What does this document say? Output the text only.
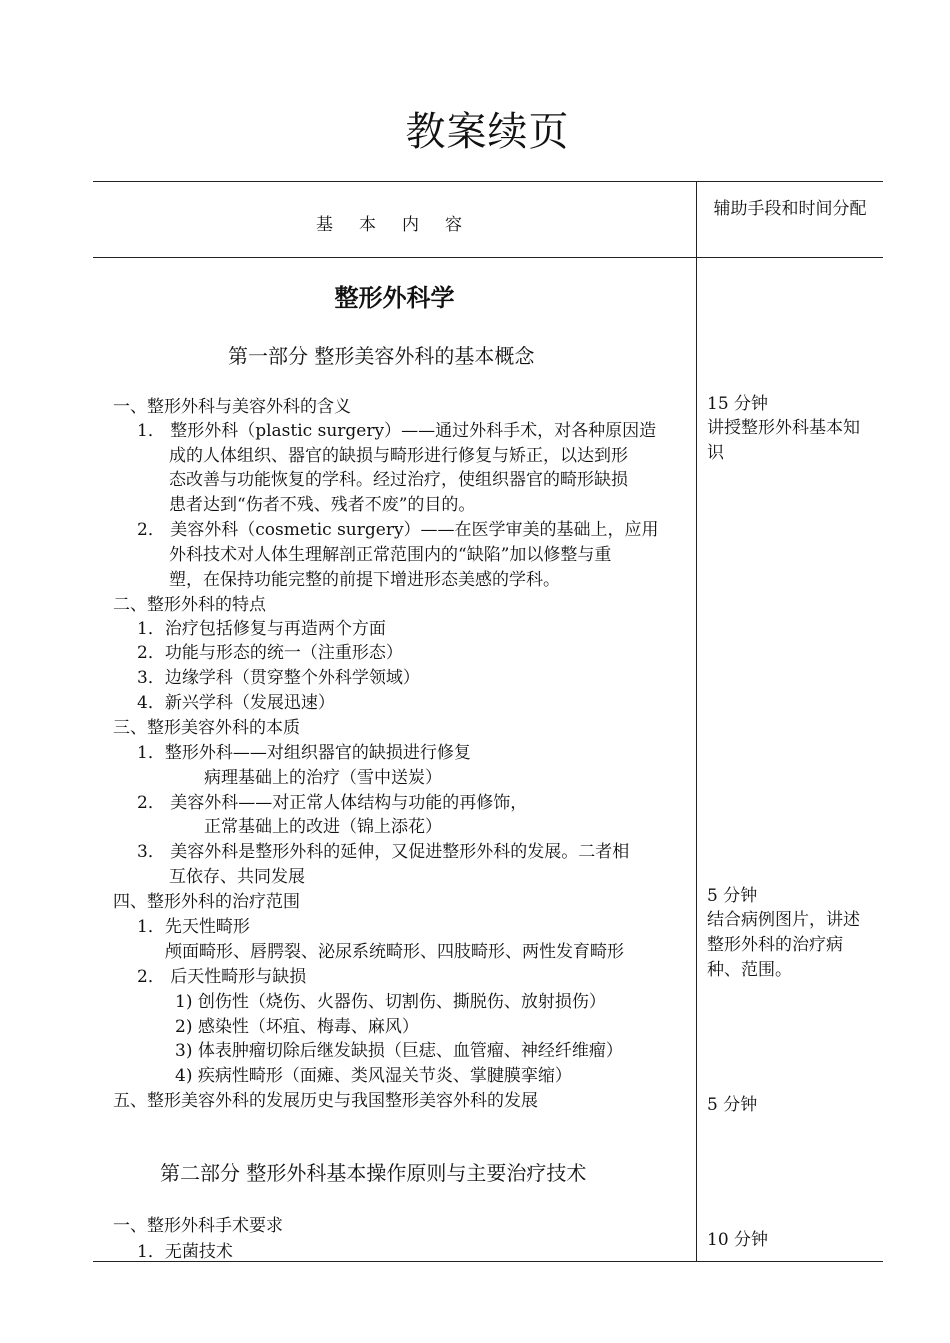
教案续页
基本内容
辅助手段和时间分配
整形外科学
第一部分 整形美容外科的基本概念
一、整形外科与美容外科的含义
1． 整形外科（plastic surgery）——通过外科手术，对各种原因造
成的人体组织、器官的缺损与畸形进行修复与矫正，以达到形
态改善与功能恢复的学科。经过治疗，使组织器官的畸形缺损
患者达到“伤者不残、残者不废”的目的。
2． 美容外科（cosmetic surgery）——在医学审美的基础上，应用
外科技术对人体生理解剖正常范围内的“缺陷”加以修整与重
塑，在保持功能完整的前提下增进形态美感的学科。
二、整形外科的特点
1．治疗包括修复与再造两个方面
2．功能与形态的统一（注重形态）
3．边缘学科（贯穿整个外科学领域）
4．新兴学科（发展迅速）
三、整形美容外科的本质
1．整形外科——对组织器官的缺损进行修复
病理基础上的治疗（雪中送炭）
2． 美容外科——对正常人体结构与功能的再修饰，
正常基础上的改进（锦上添花）
3． 美容外科是整形外科的延伸，又促进整形外科的发展。二者相
互依存、共同发展
四、整形外科的治疗范围
1．先天性畸形
颅面畸形、唇腭裂、泌尿系统畸形、四肢畸形、两性发育畸形
2． 后天性畸形与缺损
1) 创伤性（烧伤、火器伤、切割伤、撕脱伤、放射损伤）
2) 感染性（坏疽、梅毒、麻风）
3) 体表肿瘤切除后继发缺损（巨痣、血管瘤、神经纤维瘤）
4) 疾病性畸形（面瘫、类风湿关节炎、掌腱膜挛缩）
五、整形美容外科的发展历史与我国整形美容外科的发展
第二部分 整形外科基本操作原则与主要治疗技术
一、整形外科手术要求
1．无菌技术
15 分钟
讲授整形外科基本知识
5 分钟
结合病例图片，讲述整形外科的治疗病种、范围。
5 分钟
10 分钟
